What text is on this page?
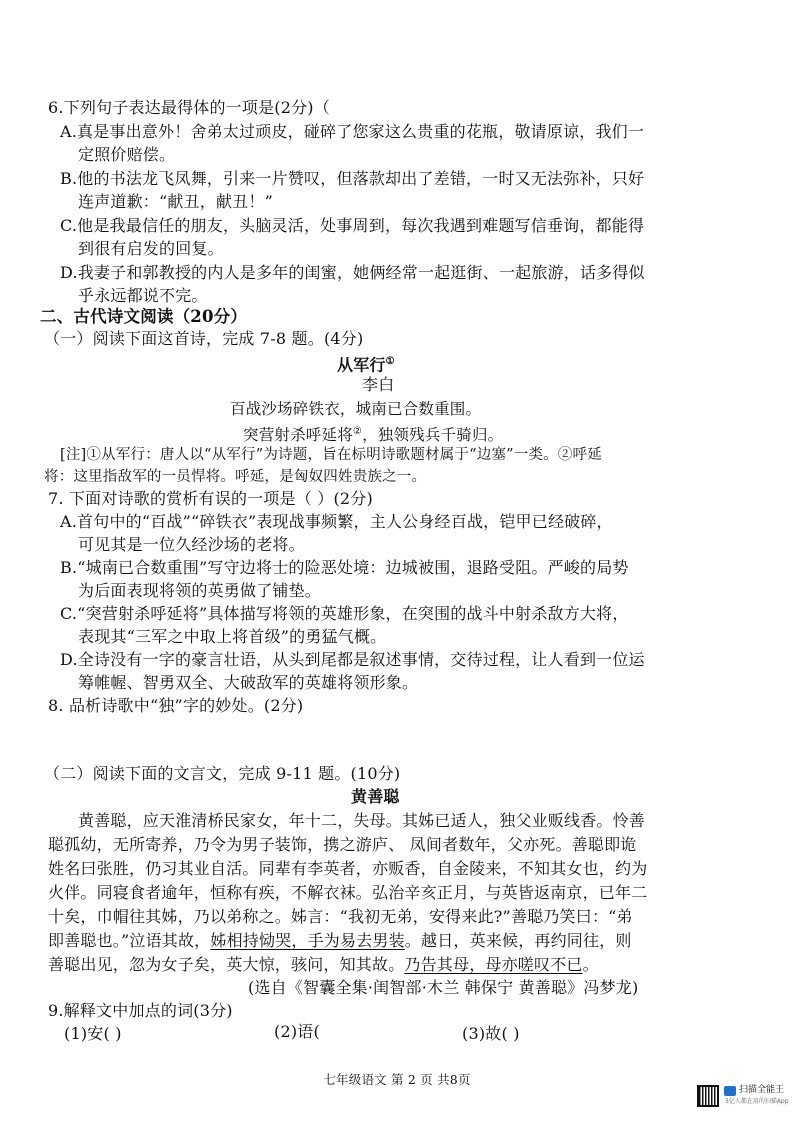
6.下列句子表达最得体的一项是(2分)（
A.真是事出意外！舍弟太过顽皮，碰碎了您家这么贵重的花瓶，敬请原谅，我们一
定照价赔偿。
B.他的书法龙飞凤舞，引来一片赞叹，但落款却出了差错，一时又无法弥补，只好
连声道歉：“献丑，献丑！”
C.他是我最信任的朋友，头脑灵活，处事周到，每次我遇到难题写信垂询，都能得
到很有启发的回复。
D.我妻子和郭教授的内人是多年的闺蜜，她俩经常一起逛街、一起旅游，话多得似
乎永远都说不完。
二、古代诗文阅读（20分）
（一）阅读下面这首诗，完成 7-8 题。(4分)
从军行①
李白
百战沙场碎铁衣，城南已合数重围。
突营射杀呼延将②，独领残兵千骑归。
[注]①从军行：唐人以“从军行”为诗题，旨在标明诗歌题材属于“边塞”一类。②呼延
将：这里指敌军的一员悍将。呼延，是匈奴四姓贵族之一。
7. 下面对诗歌的赏析有误的一项是（ ）(2分)
A.首句中的“百战”“碎铁衣”表现战事频繁，主人公身经百战，铠甲已经破碎，
可见其是一位久经沙场的老将。
B.“城南已合数重围”写守边将士的险恶处境：边城被围，退路受阻。严峻的局势
为后面表现将领的英勇做了铺垫。
C.“突营射杀呼延将”具体描写将领的英雄形象，在突围的战斗中射杀敌方大将，
表现其“三军之中取上将首级”的勇猛气概。
D.全诗没有一字的豪言壮语，从头到尾都是叙述事情，交待过程，让人看到一位运
筹帷幄、智勇双全、大破敌军的英雄将领形象。
8. 品析诗歌中“独”字的妙处。(2分)
（二）阅读下面的文言文，完成 9-11 题。(10分)
黄善聪
黄善聪，应天淮清桥民家女，年十二，失母。其姊已适人，独父业贩线香。怜善
聪孤幼，无所寄养，乃令为男子装饰，携之游庐、 凤间者数年，父亦死。善聪即诡
姓名曰张胜，仍习其业自活。同辈有李英者，亦贩香，自金陵来，不知其女也，约为
火伴。同寝食者逾年，恒称有疾，不解衣袜。弘治辛亥正月，与英皆返南京，已年二
十矣，巾帽往其姊，乃以弟称之。姊言：“我初无弟，安得来此?”善聪乃笑曰：“弟
即善聪也。”泣语其故，姊相持恸哭，手为易去男装。越日，英来候，再约同往，则
善聪出见，忽为女子矣，英大惊，骇问，知其故。乃告其母，母亦嗟叹不已。
(选自《智囊全集·闺智部·木兰 韩保宁 黄善聪》冯梦龙)
9.解释文中加点的词(3分)
(1)安( )	(2)语(	(3)故( )
七年级语文 第 2 页 共8页
扫描全能王
3亿人都在用的扫描App
